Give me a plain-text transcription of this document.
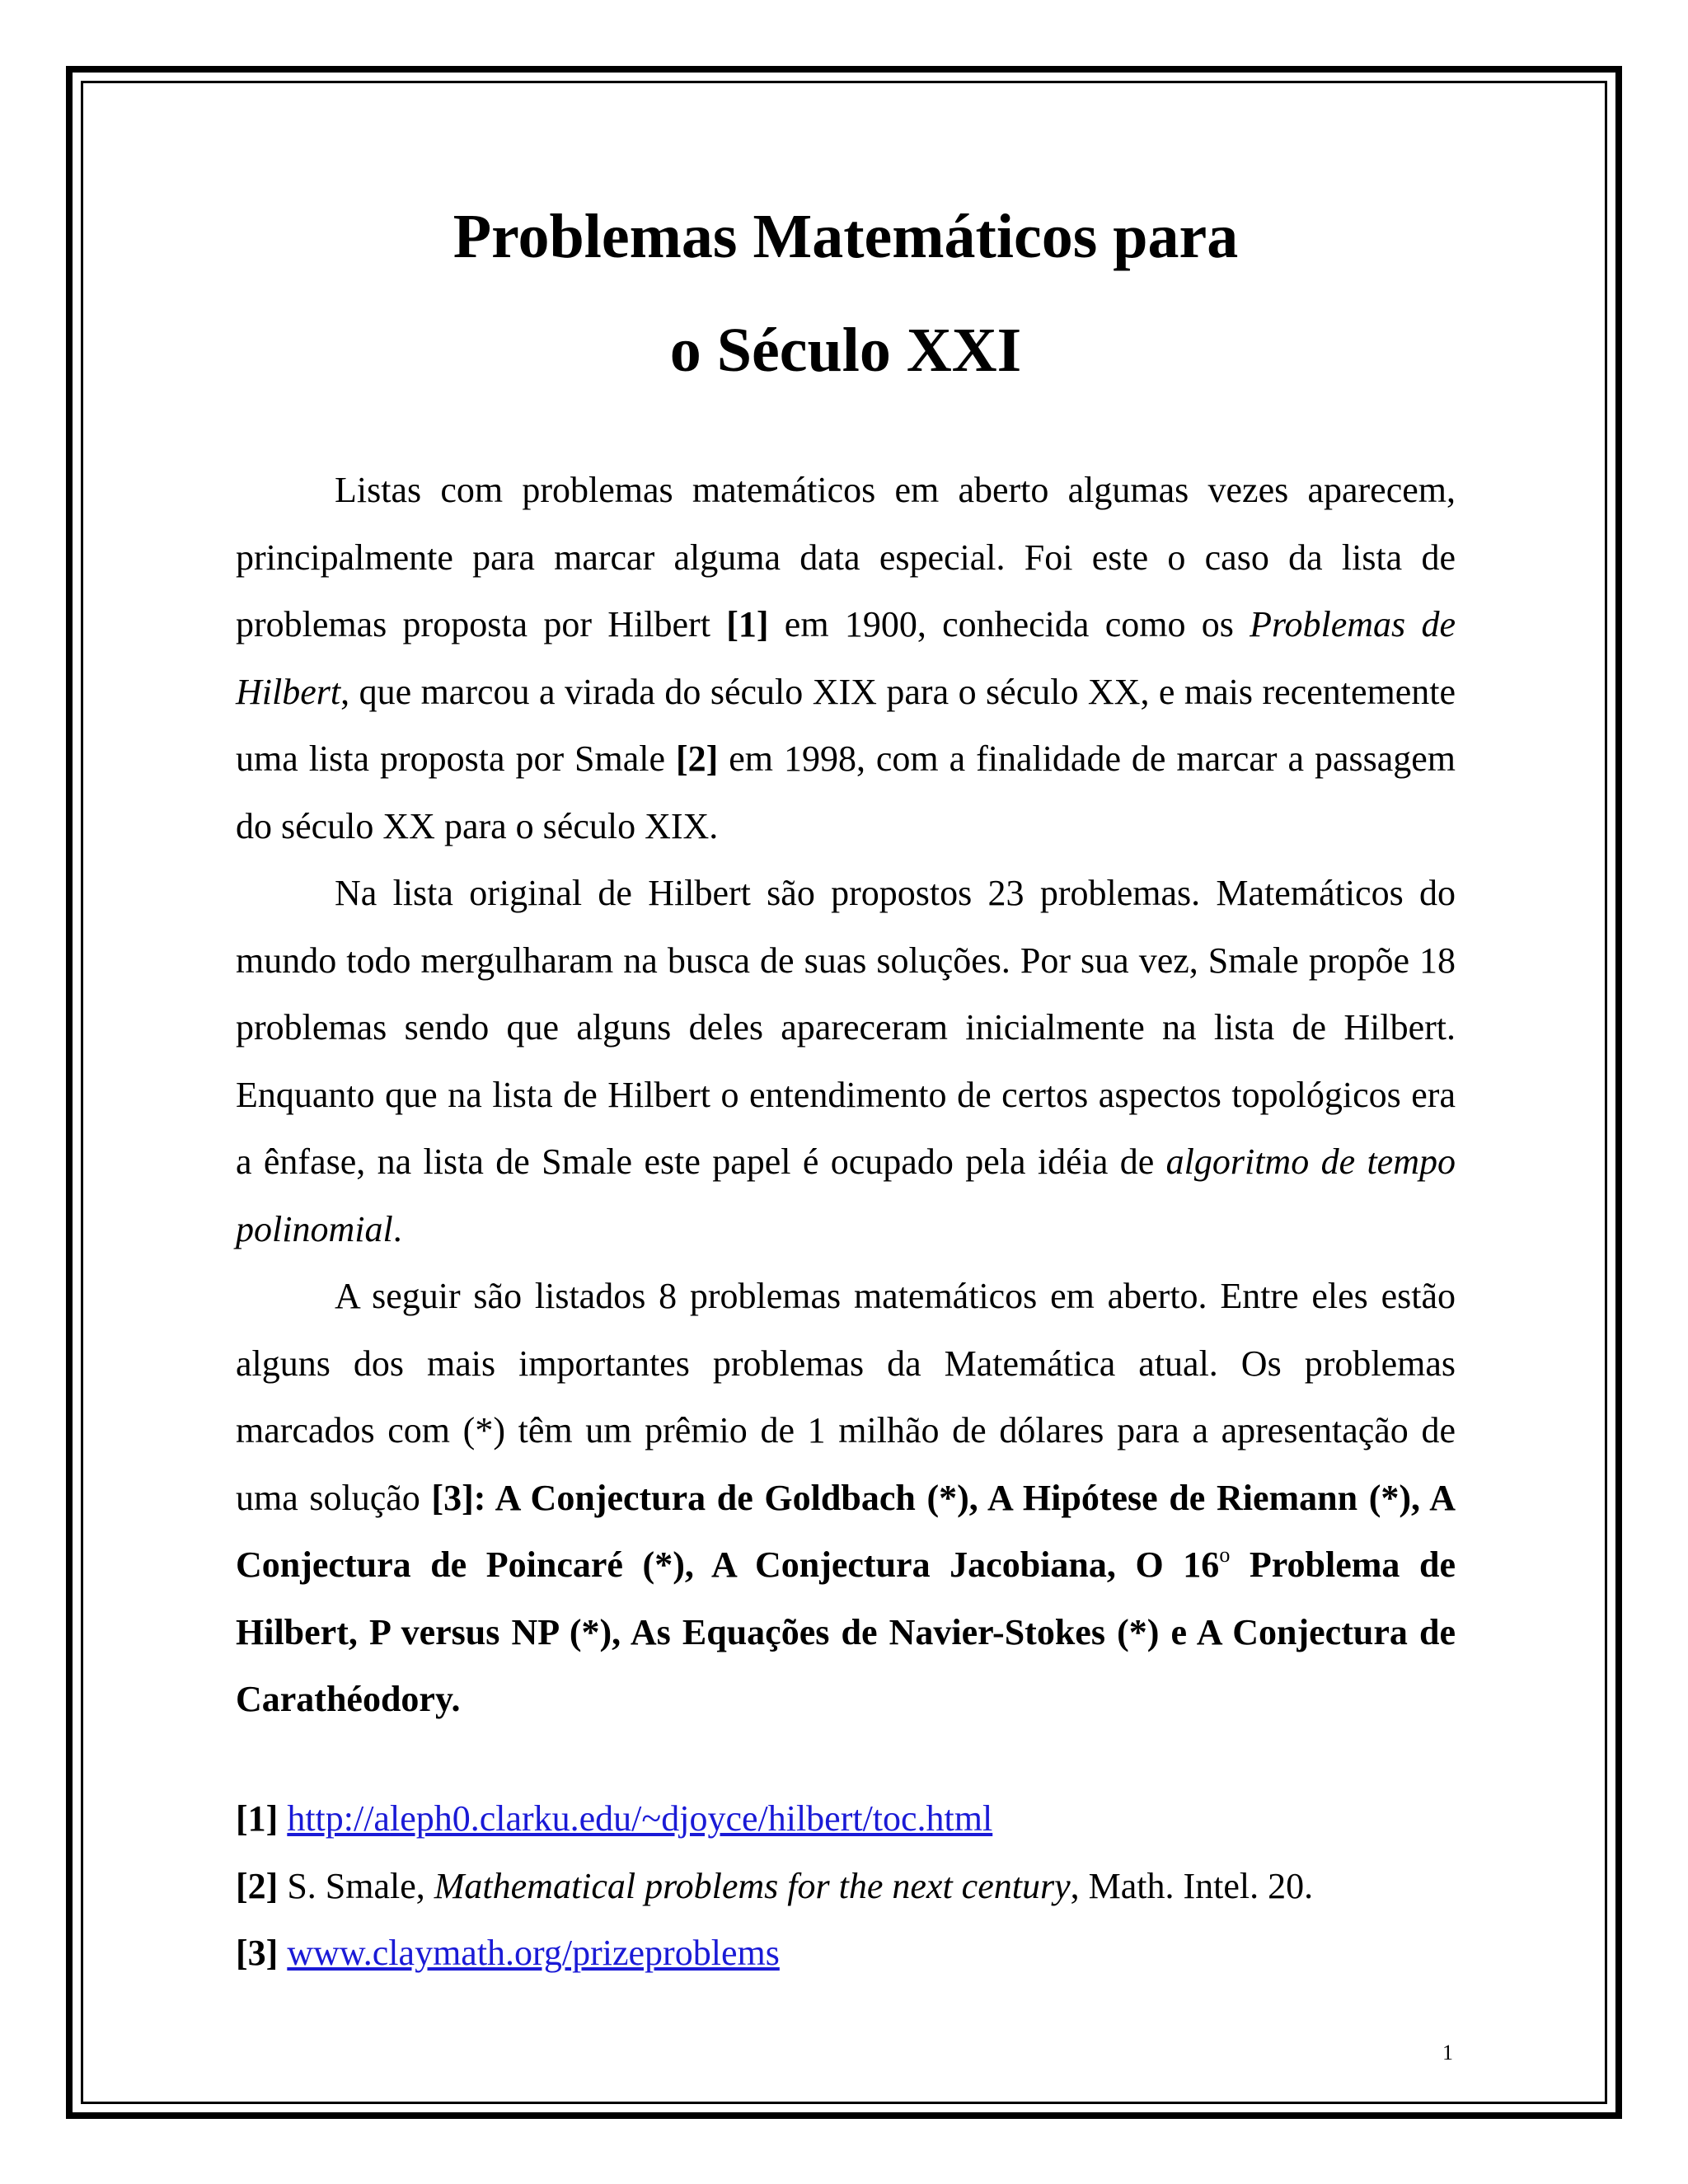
Problemas Matemáticos para
o Século XXI

Listas com problemas matemáticos em aberto algumas vezes aparecem, principalmente para marcar alguma data especial. Foi este o caso da lista de problemas proposta por Hilbert [1] em 1900, conhecida como os Problemas de Hilbert, que marcou a virada do século XIX para o século XX, e mais recentemente uma lista proposta por Smale [2] em 1998, com a finalidade de marcar a passagem do século XX para o século XIX.

Na lista original de Hilbert são propostos 23 problemas. Matemáticos do mundo todo mergulharam na busca de suas soluções. Por sua vez, Smale propõe 18 problemas sendo que alguns deles apareceram inicialmente na lista de Hilbert. Enquanto que na lista de Hilbert o entendimento de certos aspectos topológicos era a ênfase, na lista de Smale este papel é ocupado pela idéia de algoritmo de tempo polinomial.

A seguir são listados 8 problemas matemáticos em aberto. Entre eles estão alguns dos mais importantes problemas da Matemática atual. Os problemas marcados com (*) têm um prêmio de 1 milhão de dólares para a apresentação de uma solução [3]: A Conjectura de Goldbach (*), A Hipótese de Riemann (*), A Conjectura de Poincaré (*), A Conjectura Jacobiana, O 16$^o$ Problema de Hilbert, P versus NP (*), As Equações de Navier-Stokes (*) e A Conjectura de Carathéodory.

[1] http://aleph0.clarku.edu/~djoyce/hilbert/toc.html
[2] S. Smale, Mathematical problems for the next century, Math. Intel. 20.
[3] www.claymath.org/prizeproblems
1
